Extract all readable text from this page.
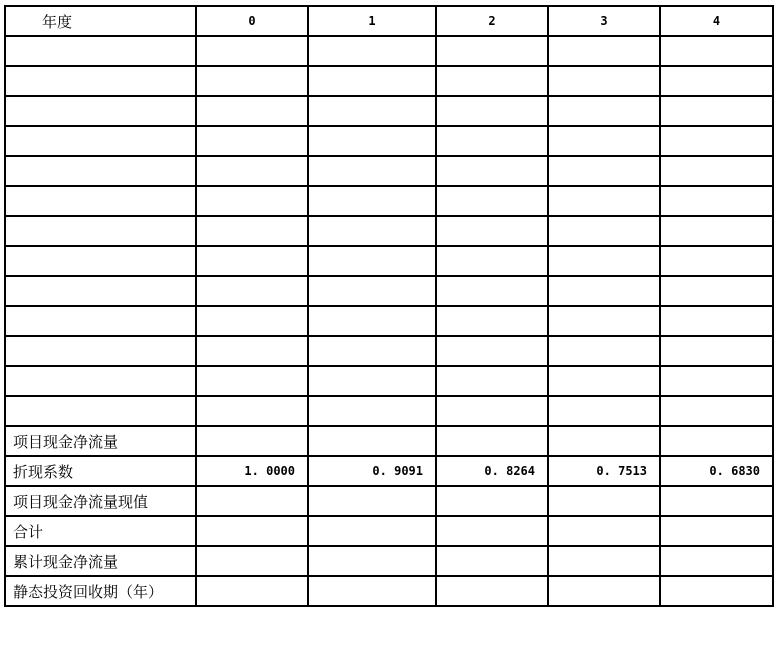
年度	0	1	2	3	4

项目现金净流量					
折现系数	1. 0000	0. 9091	0. 8264	0. 7513	0. 6830
项目现金净流量现值					
合计					
累计现金净流量					
静态投资回收期（年）					
